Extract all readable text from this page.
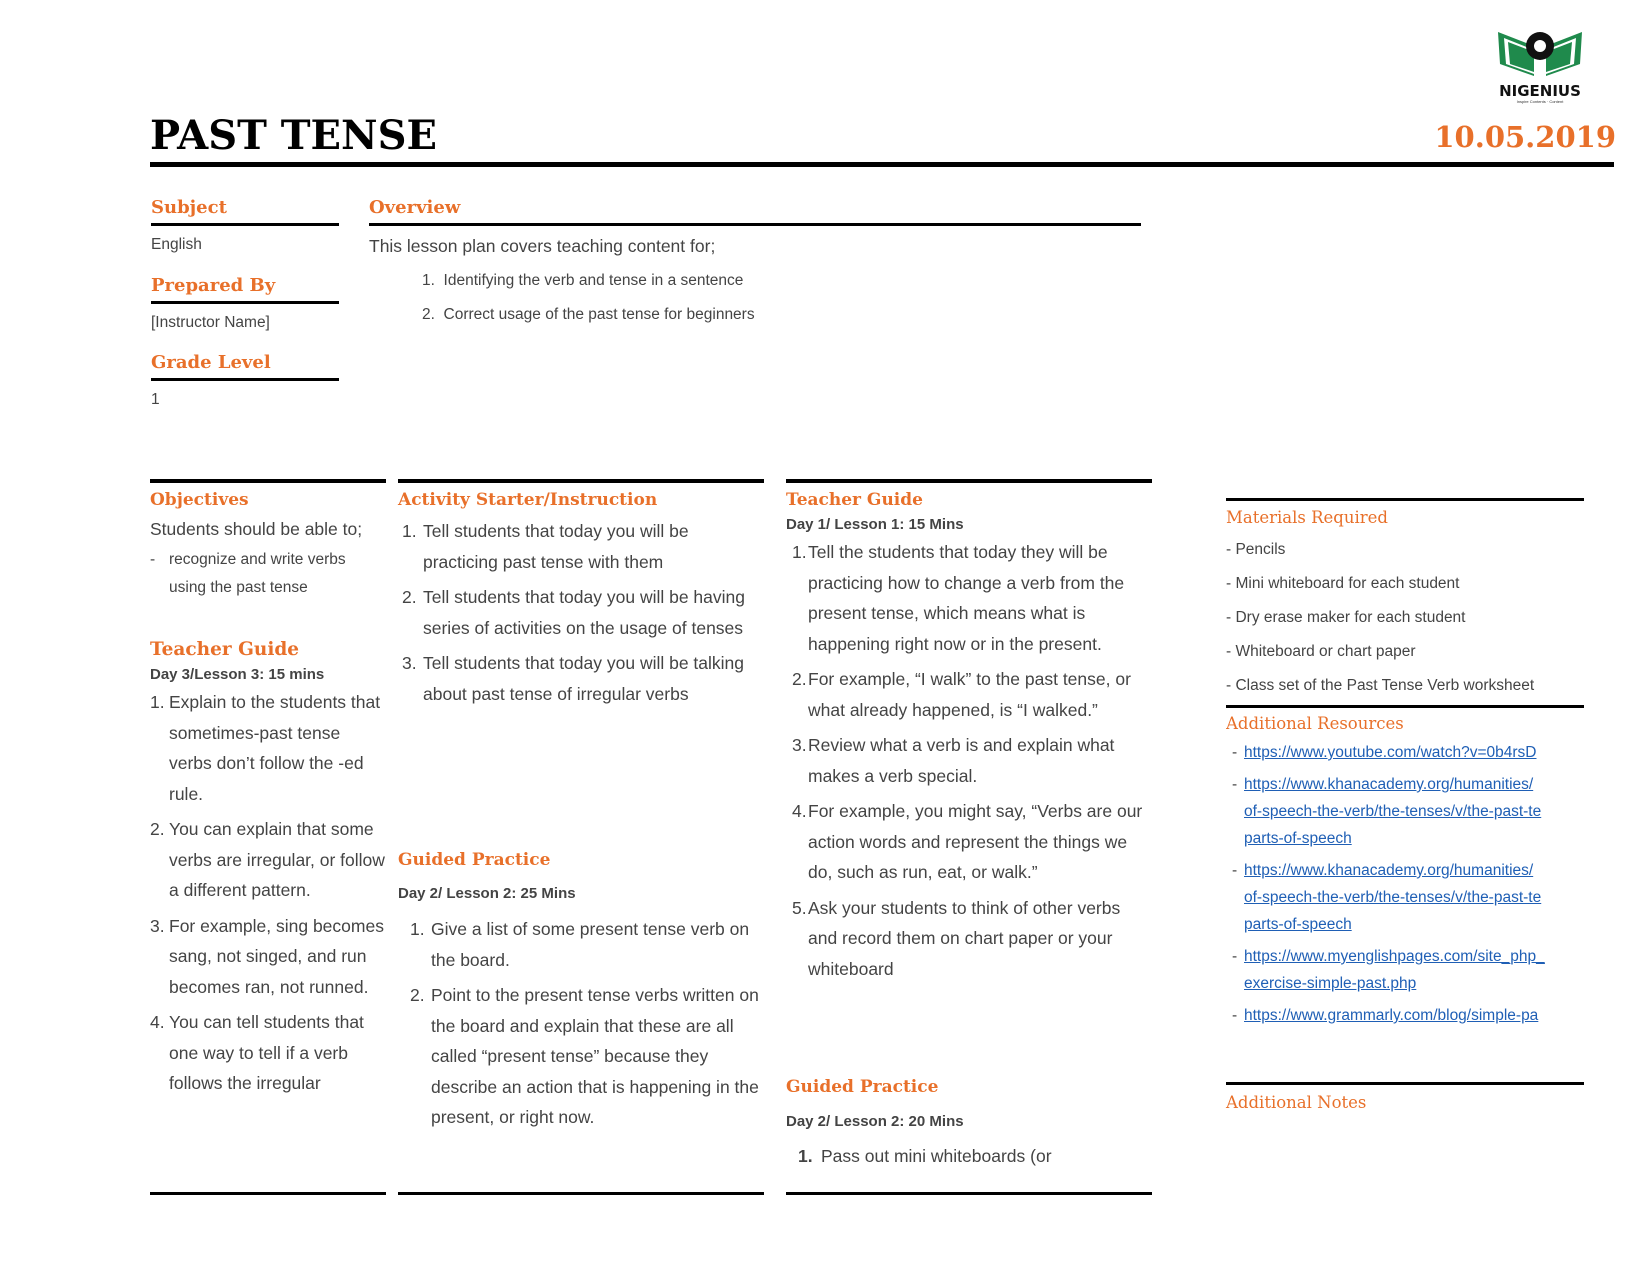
NIGENIUS
Inspire Contents · Content
PAST TENSE	10.05.2019
Subject
English
Prepared By
[Instructor Name]
Grade Level
1
Overview
This lesson plan covers teaching content for;
1.  Identifying the verb and tense in a sentence
2.  Correct usage of the past tense for beginners
Objectives
Students should be able to;
- recognize and write verbs using the past tense
Teacher Guide
Day 3/Lesson 3: 15 mins
1. Explain to the students that sometimes-past tense verbs don’t follow the -ed rule.
2. You can explain that some verbs are irregular, or follow a different pattern.
3. For example, sing becomes sang, not singed, and run becomes ran, not runned.
4. You can tell students that one way to tell if a verb follows the irregular
Activity Starter/Instruction
1. Tell students that today you will be practicing past tense with them
2. Tell students that today you will be having series of activities on the usage of tenses
3. Tell students that today you will be talking about past tense of irregular verbs
Guided Practice
Day 2/ Lesson 2: 25 Mins
1. Give a list of some present tense verb on the board.
2. Point to the present tense verbs written on the board and explain that these are all called “present tense” because they describe an action that is happening in the present, or right now.
Teacher Guide
Day 1/ Lesson 1: 15 Mins
1. Tell the students that today they will be practicing how to change a verb from the present tense, which means what is happening right now or in the present.
2. For example, “I walk” to the past tense, or what already happened, is “I walked.”
3. Review what a verb is and explain what makes a verb special.
4. For example, you might say, “Verbs are our action words and represent the things we do, such as run, eat, or walk.”
5. Ask your students to think of other verbs and record them on chart paper or your whiteboard
Guided Practice
Day 2/ Lesson 2: 20 Mins
1. Pass out mini whiteboards (or
Materials Required
- Pencils
- Mini whiteboard for each student
- Dry erase maker for each student
- Whiteboard or chart paper
- Class set of the Past Tense Verb worksheet
Additional Resources
- https://www.youtube.com/watch?v=0b4rsD
- https://www.khanacademy.org/humanities/
of-speech-the-verb/the-tenses/v/the-past-te
parts-of-speech
- https://www.khanacademy.org/humanities/
of-speech-the-verb/the-tenses/v/the-past-te
parts-of-speech
- https://www.myenglishpages.com/site_php_
exercise-simple-past.php
- https://www.grammarly.com/blog/simple-pa
Additional Notes
